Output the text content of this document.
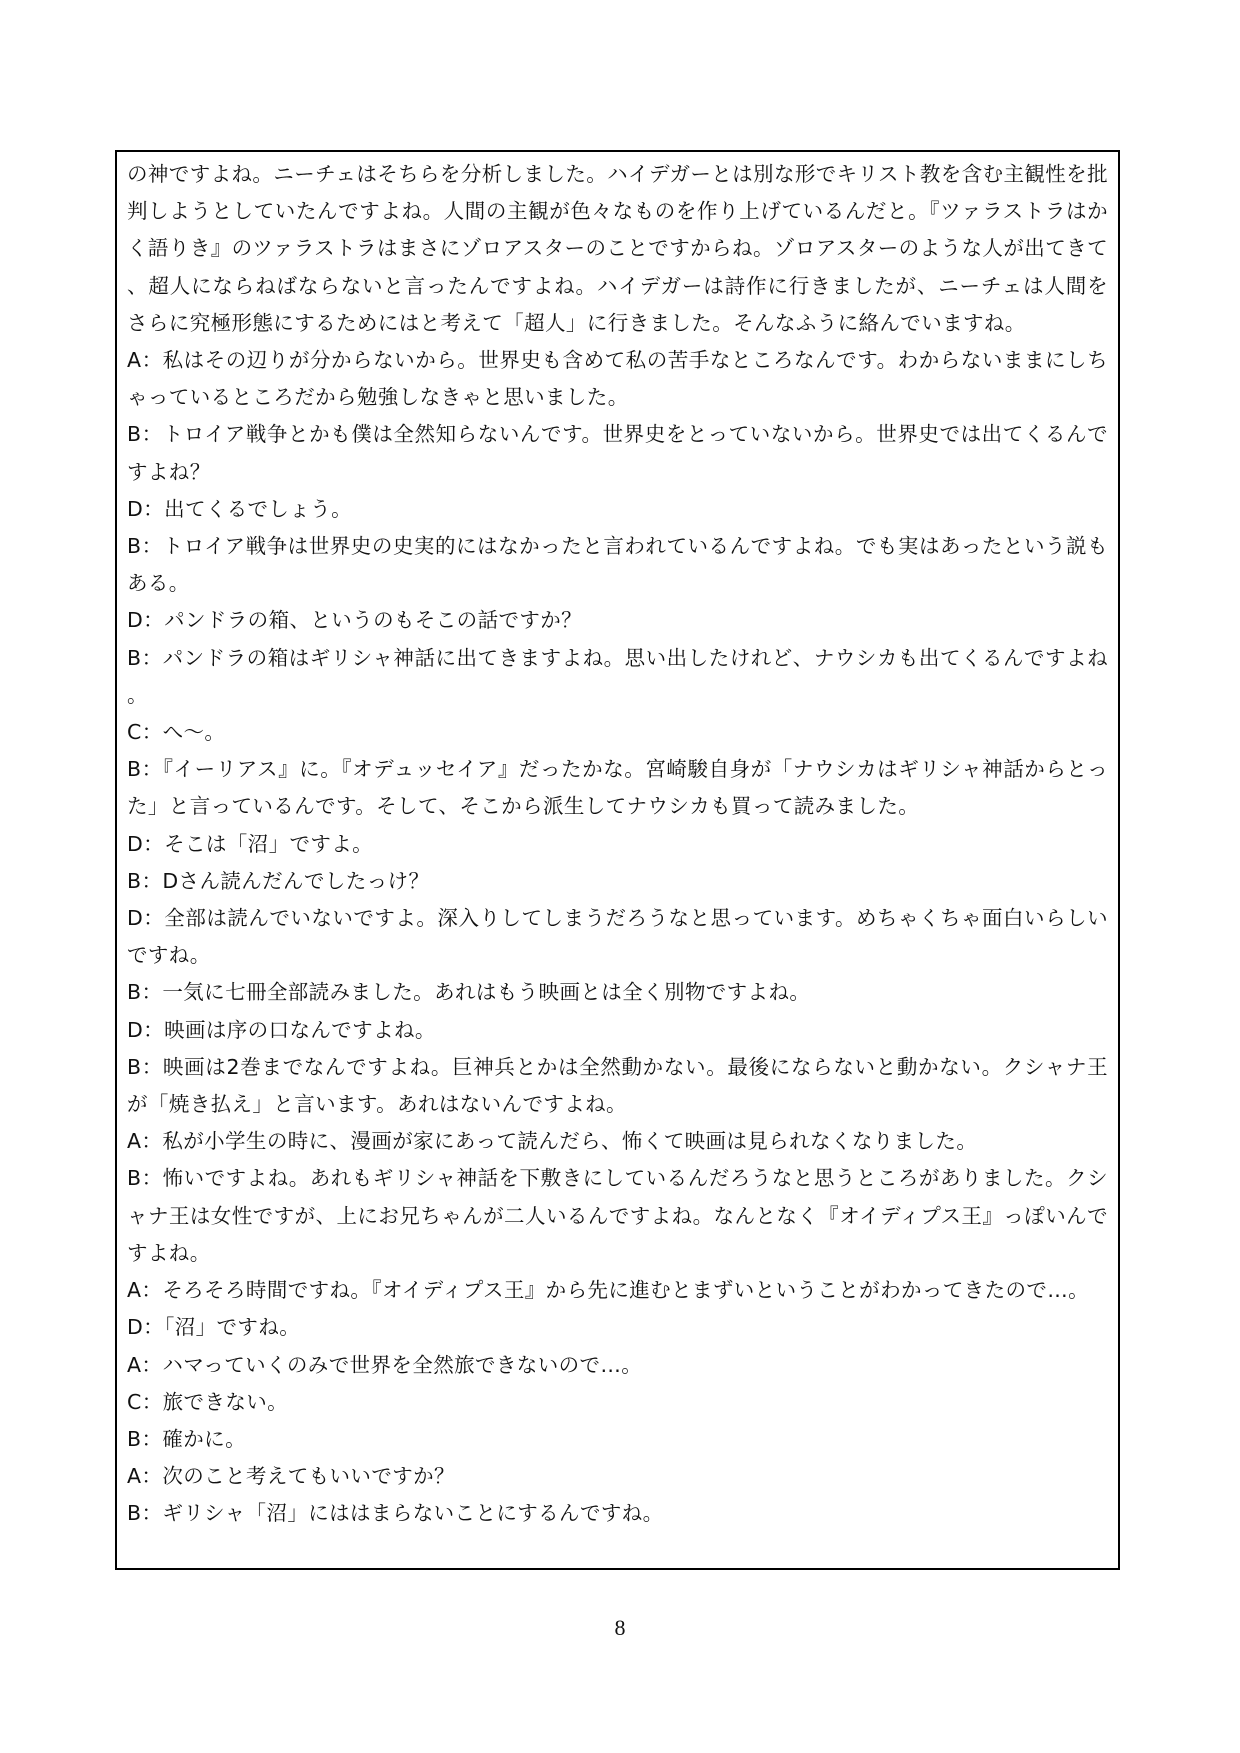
の神ですよね。ニーチェはそちらを分析しました。ハイデガーとは別な形でキリスト教を含む主観性を批判しようとしていたんですよね。人間の主観が色々なものを作り上げているんだと。『ツァラストラはかく語りき』のツァラストラはまさにゾロアスターのことですからね。ゾロアスターのような人が出てきて、超人にならねばならないと言ったんですよね。ハイデガーは詩作に行きましたが、ニーチェは人間をさらに究極形態にするためにはと考えて「超人」に行きました。そんなふうに絡んでいますね。

A：私はその辺りが分からないから。世界史も含めて私の苦手なところなんです。わからないままにしちゃっているところだから勉強しなきゃと思いました。

B：トロイア戦争とかも僕は全然知らないんです。世界史をとっていないから。世界史では出てくるんですよね？

D：出てくるでしょう。

B：トロイア戦争は世界史の史実的にはなかったと言われているんですよね。でも実はあったという説もある。

D：パンドラの箱、というのもそこの話ですか？

B：パンドラの箱はギリシャ神話に出てきますよね。思い出したけれど、ナウシカも出てくるんですよね。

C：へ～。

B：『イーリアス』に。『オデュッセイア』だったかな。宮崎駿自身が「ナウシカはギリシャ神話からとった」と言っているんです。そして、そこから派生してナウシカも買って読みました。

D：そこは「沼」ですよ。

B：Dさん読んだんでしたっけ？

D：全部は読んでいないですよ。深入りしてしまうだろうなと思っています。めちゃくちゃ面白いらしいですね。

B：一気に七冊全部読みました。あれはもう映画とは全く別物ですよね。

D：映画は序の口なんですよね。

B：映画は2巻までなんですよね。巨神兵とかは全然動かない。最後にならないと動かない。クシャナ王が「焼き払え」と言います。あれはないんですよね。

A：私が小学生の時に、漫画が家にあって読んだら、怖くて映画は見られなくなりました。

B：怖いですよね。あれもギリシャ神話を下敷きにしているんだろうなと思うところがありました。クシャナ王は女性ですが、上にお兄ちゃんが二人いるんですよね。なんとなく『オイディプス王』っぽいんですよね。

A：そろそろ時間ですね。『オイディプス王』から先に進むとまずいということがわかってきたので…。

D：「沼」ですね。

A：ハマっていくのみで世界を全然旅できないので…。

C：旅できない。

B：確かに。

A：次のこと考えてもいいですか？

B：ギリシャ「沼」にははまらないことにするんですね。

8
